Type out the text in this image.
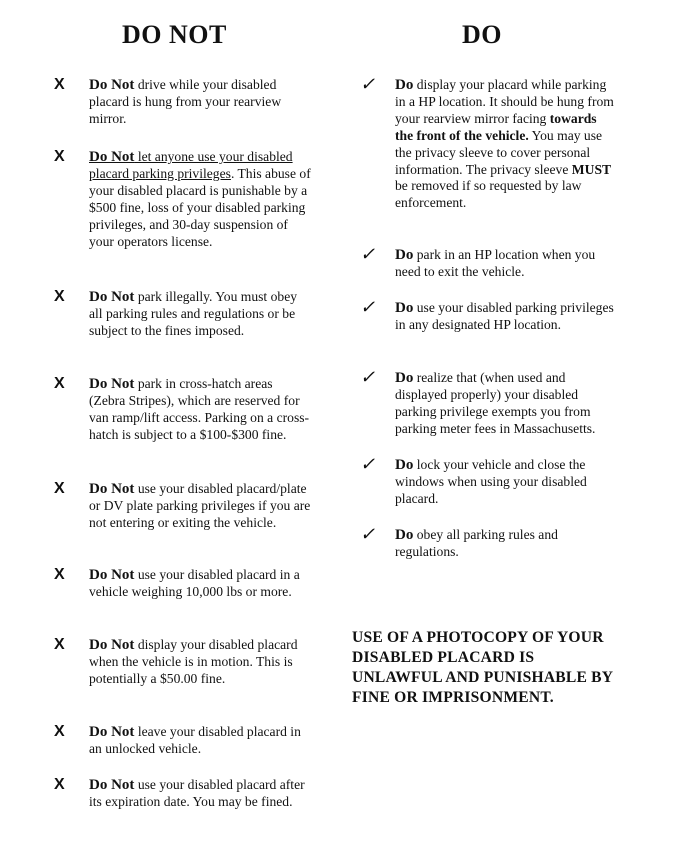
DO NOT	DO
X Do Not drive while your disabled placard is hung from your rearview mirror.
X Do Not let anyone use your disabled placard parking privileges. This abuse of your disabled placard is punishable by a $500 fine, loss of your disabled parking privileges, and 30-day suspension of your operators license.
X Do Not park illegally. You must obey all parking rules and regulations or be subject to the fines imposed.
X Do Not park in cross-hatch areas (Zebra Stripes), which are reserved for van ramp/lift access. Parking on a cross-hatch is subject to a $100-$300 fine.
X Do Not use your disabled placard/plate or DV plate parking privileges if you are not entering or exiting the vehicle.
X Do Not use your disabled placard in a vehicle weighing 10,000 lbs or more.
X Do Not display your disabled placard when the vehicle is in motion. This is potentially a $50.00 fine.
X Do Not leave your disabled placard in an unlocked vehicle.
X Do Not use your disabled placard after its expiration date. You may be fined.
✓ Do display your placard while parking in a HP location. It should be hung from your rearview mirror facing towards the front of the vehicle. You may use the privacy sleeve to cover personal information. The privacy sleeve MUST be removed if so requested by law enforcement.
✓ Do park in an HP location when you need to exit the vehicle.
✓ Do use your disabled parking privileges in any designated HP location.
✓ Do realize that (when used and displayed properly) your disabled parking privilege exempts you from parking meter fees in Massachusetts.
✓ Do lock your vehicle and close the windows when using your disabled placard.
✓ Do obey all parking rules and regulations.
USE OF A PHOTOCOPY OF YOUR DISABLED PLACARD IS UNLAWFUL AND PUNISHABLE BY FINE OR IMPRISONMENT.
